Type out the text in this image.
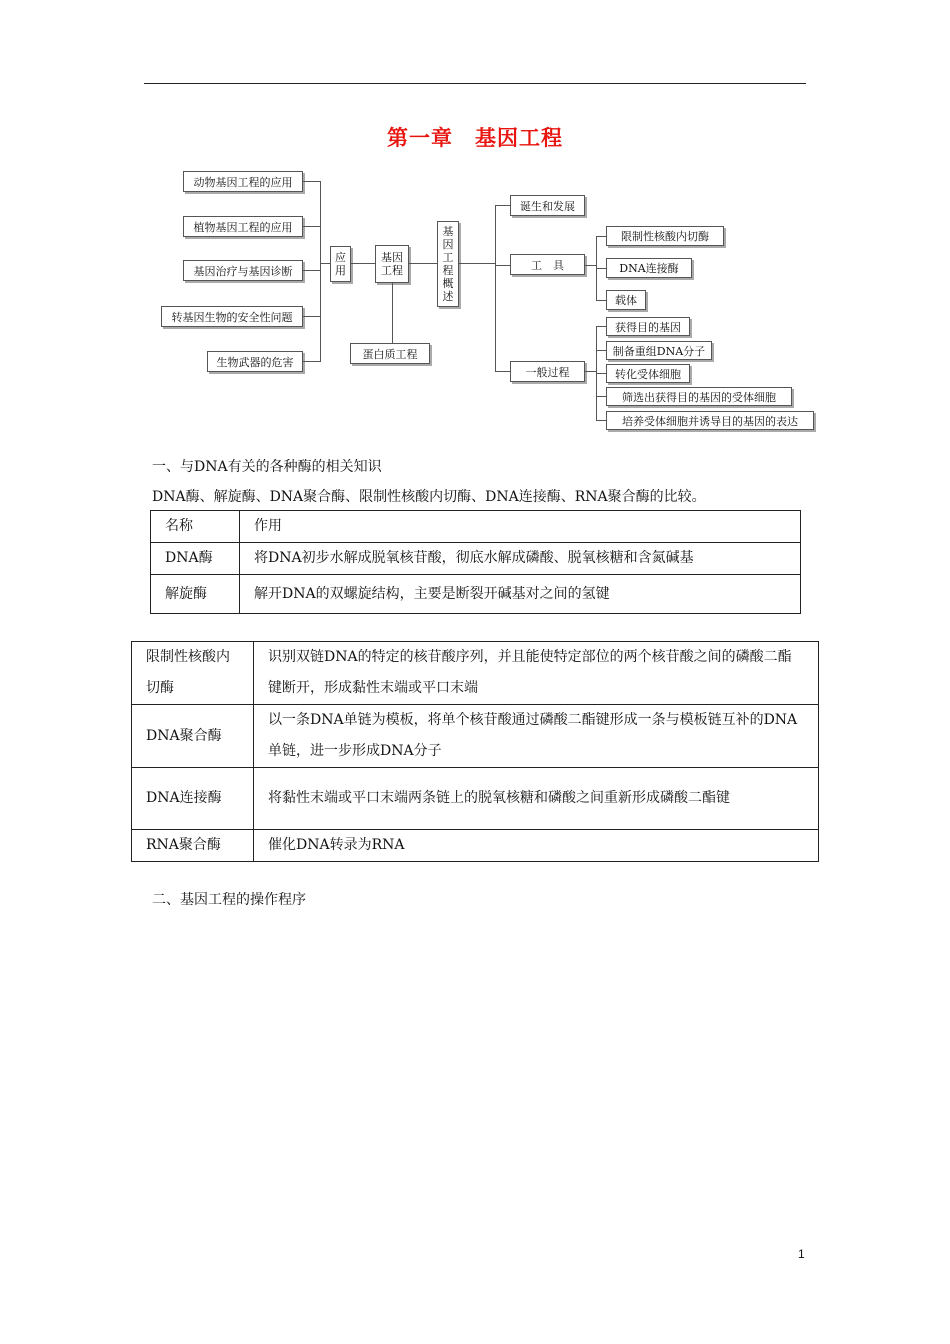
第一章　基因工程
动物基因工程的应用
植物基因工程的应用
基因治疗与基因诊断
转基因生物的安全性问题
生物武器的危害
应
用
基因
工程
蛋白质工程
基
因
工
程
概
述
诞生和发展
工　具
一般过程
限制性核酸内切酶
DNA连接酶
载体
获得目的基因
制备重组DNA分子
转化受体细胞
筛选出获得目的基因的受体细胞
培养受体细胞并诱导目的基因的表达
一、与DNA有关的各种酶的相关知识
DNA酶、解旋酶、DNA聚合酶、限制性核酸内切酶、DNA连接酶、RNA聚合酶的比较。
名称	作用
DNA酶	将DNA初步水解成脱氧核苷酸，彻底水解成磷酸、脱氧核糖和含氮碱基
解旋酶	解开DNA的双螺旋结构，主要是断裂开碱基对之间的氢键
限制性核酸内切酶	识别双链DNA的特定的核苷酸序列，并且能使特定部位的两个核苷酸之间的磷酸二酯键断开，形成黏性末端或平口末端
DNA聚合酶	以一条DNA单链为模板，将单个核苷酸通过磷酸二酯键形成一条与模板链互补的DNA单链，进一步形成DNA分子
DNA连接酶	将黏性末端或平口末端两条链上的脱氧核糖和磷酸之间重新形成磷酸二酯键
RNA聚合酶	催化DNA转录为RNA
二、基因工程的操作程序
1
